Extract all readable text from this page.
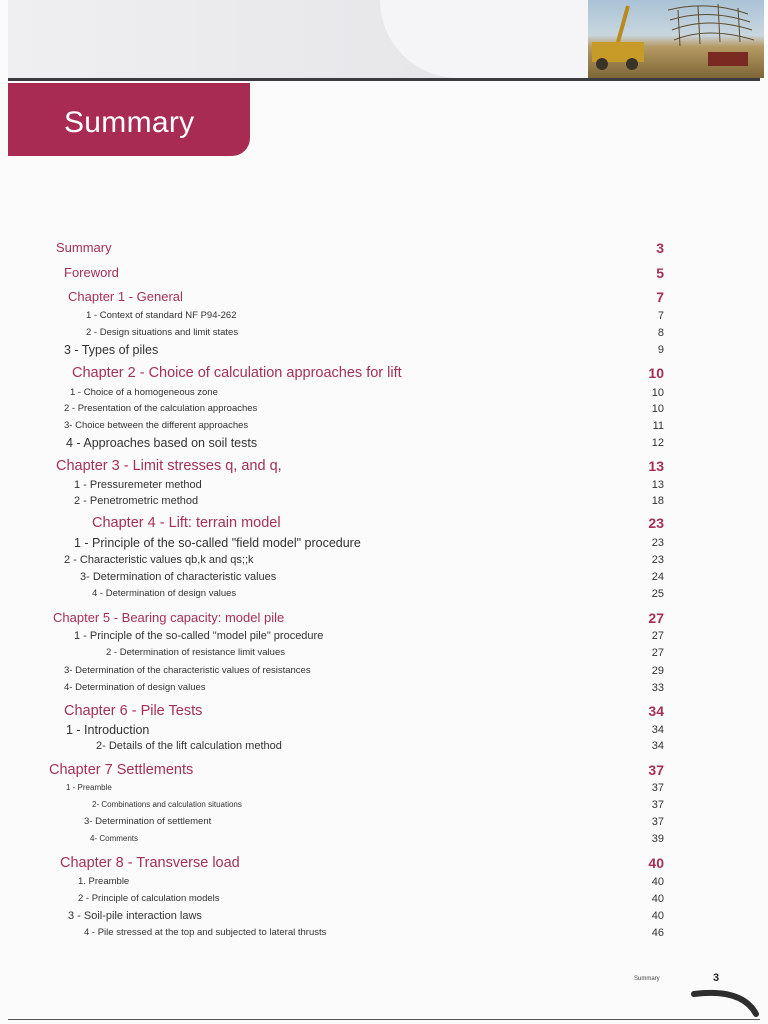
Summary
Summary	3
Foreword	5
Chapter 1 - General	7
1 - Context of standard NF P94-262	7
2 - Design situations and limit states	8
3 - Types of piles	9
Chapter 2 - Choice of calculation approaches for lift	10
1 - Choice of a homogeneous zone	10
2 - Presentation of the calculation approaches	10
3- Choice between the different approaches	11
4 - Approaches based on soil tests	12
Chapter 3 - Limit stresses q, and q,	13
1 - Pressuremeter method	13
2 - Penetrometric method	18
Chapter 4 - Lift: terrain model	23
1 - Principle of the so-called "field model" procedure	23
2 - Characteristic values qb,k and qs;;k	23
3- Determination of characteristic values	24
4 - Determination of design values	25
Chapter 5 - Bearing capacity: model pile	27
1 - Principle of the so-called "model pile" procedure	27
2 - Determination of resistance limit values	27
3- Determination of the characteristic values of resistances	29
4- Determination of design values	33
Chapter 6 - Pile Tests	34
1 - Introduction	34
2- Details of the lift calculation method	34
Chapter 7 Settlements	37
1 - Preamble	37
2- Combinations and calculation situations	37
3- Determination of settlement	37
4- Comments	39
Chapter 8 - Transverse load	40
1. Preamble	40
2 - Principle of calculation models	40
3 - Soil-pile interaction laws	40
4 - Pile stressed at the top and subjected to lateral thrusts	46
Summary	3
